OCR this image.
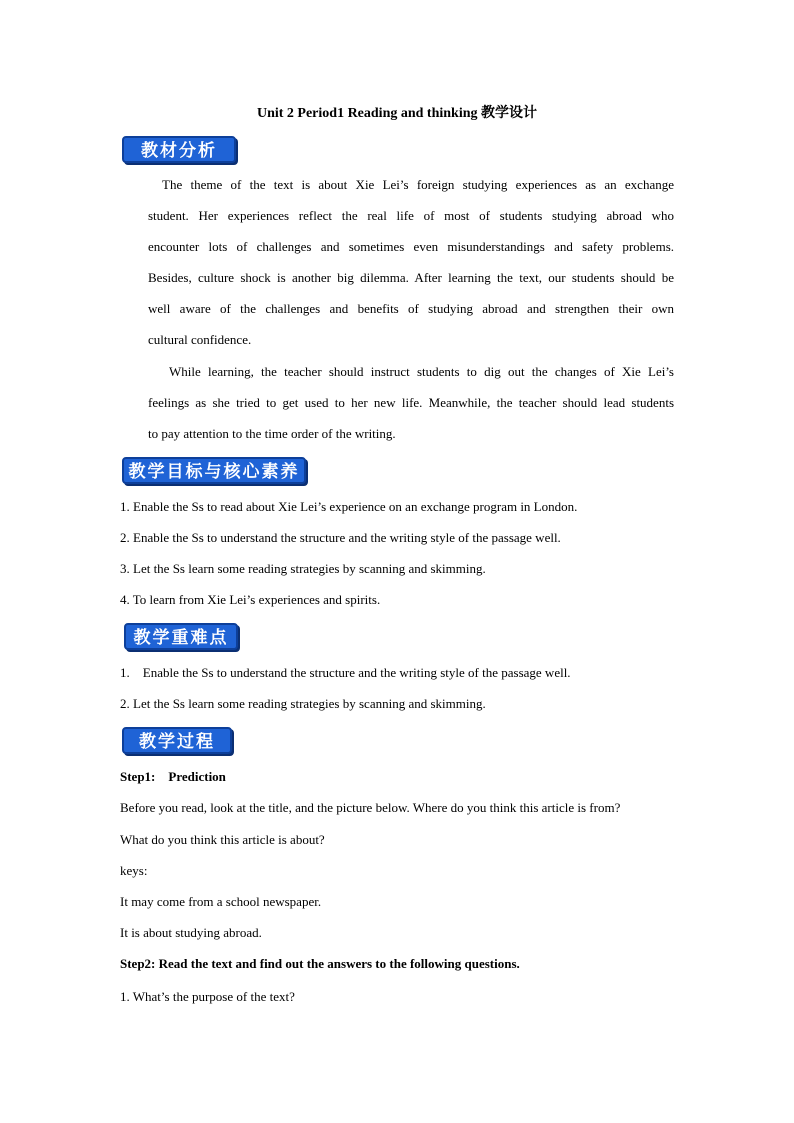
Unit 2 Period1 Reading and thinking 教学设计
教材分析
The theme of the text is about Xie Lei’s foreign studying experiences as an exchange
student. Her experiences reflect the real life of most of students studying abroad who
encounter lots of challenges and sometimes even misunderstandings and safety problems.
Besides, culture shock is another big dilemma. After learning the text, our students should be
well aware of the challenges and benefits of studying abroad and strengthen their own
cultural confidence.
While learning, the teacher should instruct students to dig out the changes of Xie Lei’s
feelings as she tried to get used to her new life. Meanwhile, the teacher should lead students
to pay attention to the time order of the writing.
教学目标与核心素养
1. Enable the Ss to read about Xie Lei’s experience on an exchange program in London.
2. Enable the Ss to understand the structure and the writing style of the passage well.
3. Let the Ss learn some reading strategies by scanning and skimming.
4. To learn from Xie Lei’s experiences and spirits.
教学重难点
1.    Enable the Ss to understand the structure and the writing style of the passage well.
2. Let the Ss learn some reading strategies by scanning and skimming.
教学过程
Step1:    Prediction
Before you read, look at the title, and the picture below. Where do you think this article is from?
What do you think this article is about?
keys:
It may come from a school newspaper.
It is about studying abroad.
Step2: Read the text and find out the answers to the following questions.
1. What’s the purpose of the text?
